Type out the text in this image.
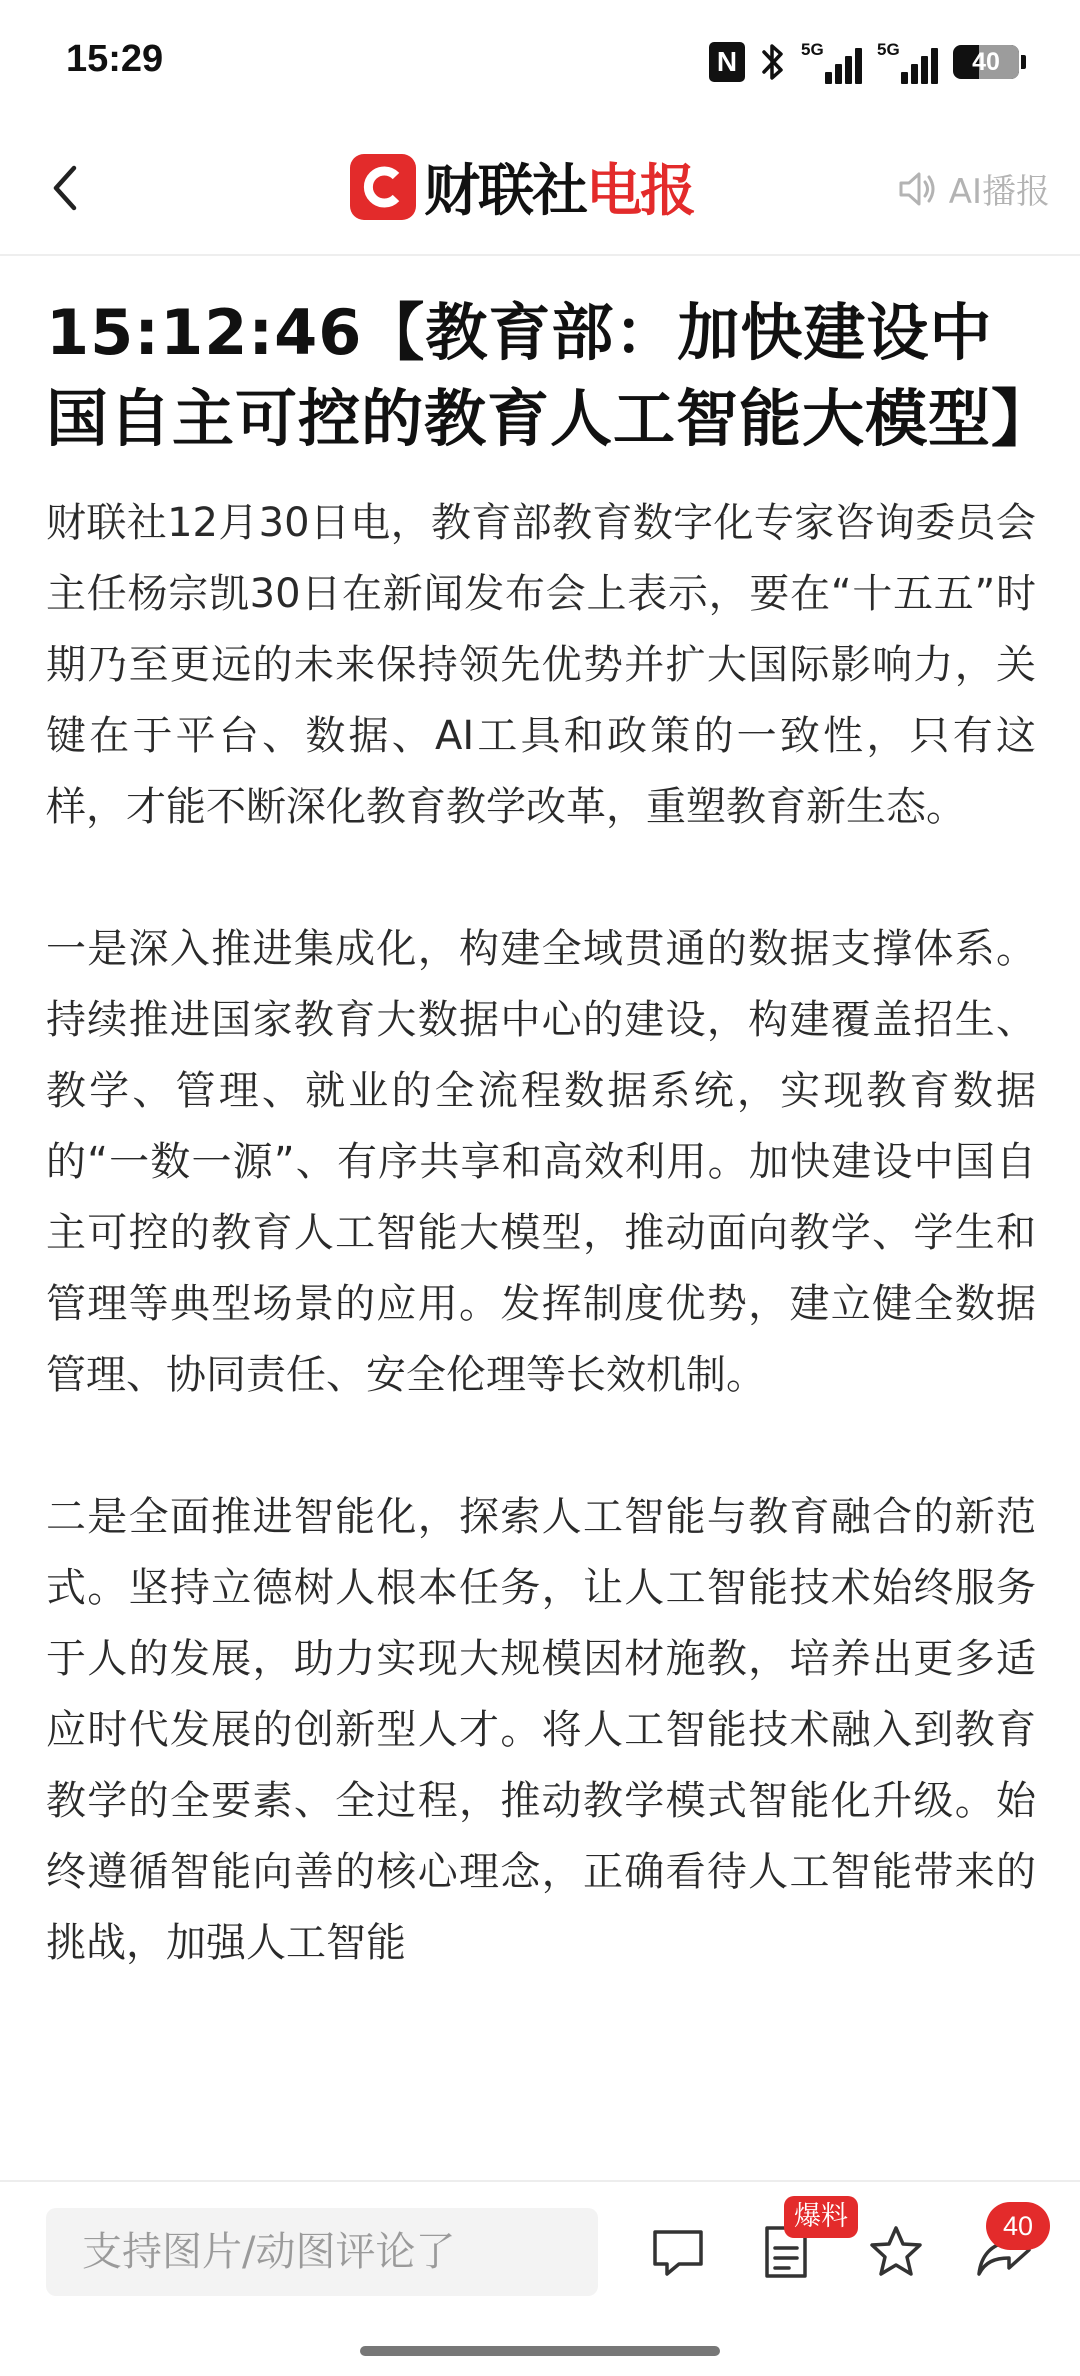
15:29	N	5G	5G	40
财联社 电报	AI播报
15:12:46【教育部：加快建设中国自主可控的教育人工智能大模型】

财联社12月30日电，教育部教育数字化专家咨询委员会主任杨宗凯30日在新闻发布会上表示，要在“十五五”时期乃至更远的未来保持领先优势并扩大国际影响力，关键在于平台、数据、AI工具和政策的一致性，只有这样，才能不断深化教育教学改革，重塑教育新生态。

一是深入推进集成化，构建全域贯通的数据支撑体系。持续推进国家教育大数据中心的建设，构建覆盖招生、教学、管理、就业的全流程数据系统，实现教育数据的“一数一源”、有序共享和高效利用。加快建设中国自主可控的教育人工智能大模型，推动面向教学、学生和管理等典型场景的应用。发挥制度优势，建立健全数据管理、协同责任、安全伦理等长效机制。

二是全面推进智能化，探索人工智能与教育融合的新范式。坚持立德树人根本任务，让人工智能技术始终服务于人的发展，助力实现大规模因材施教，培养出更多适应时代发展的创新型人才。将人工智能技术融入到教育教学的全要素、全过程，推动教学模式智能化升级。始终遵循智能向善的核心理念，正确看待人工智能带来的挑战，加强人工智能

支持图片/动图评论了
爆料	40
